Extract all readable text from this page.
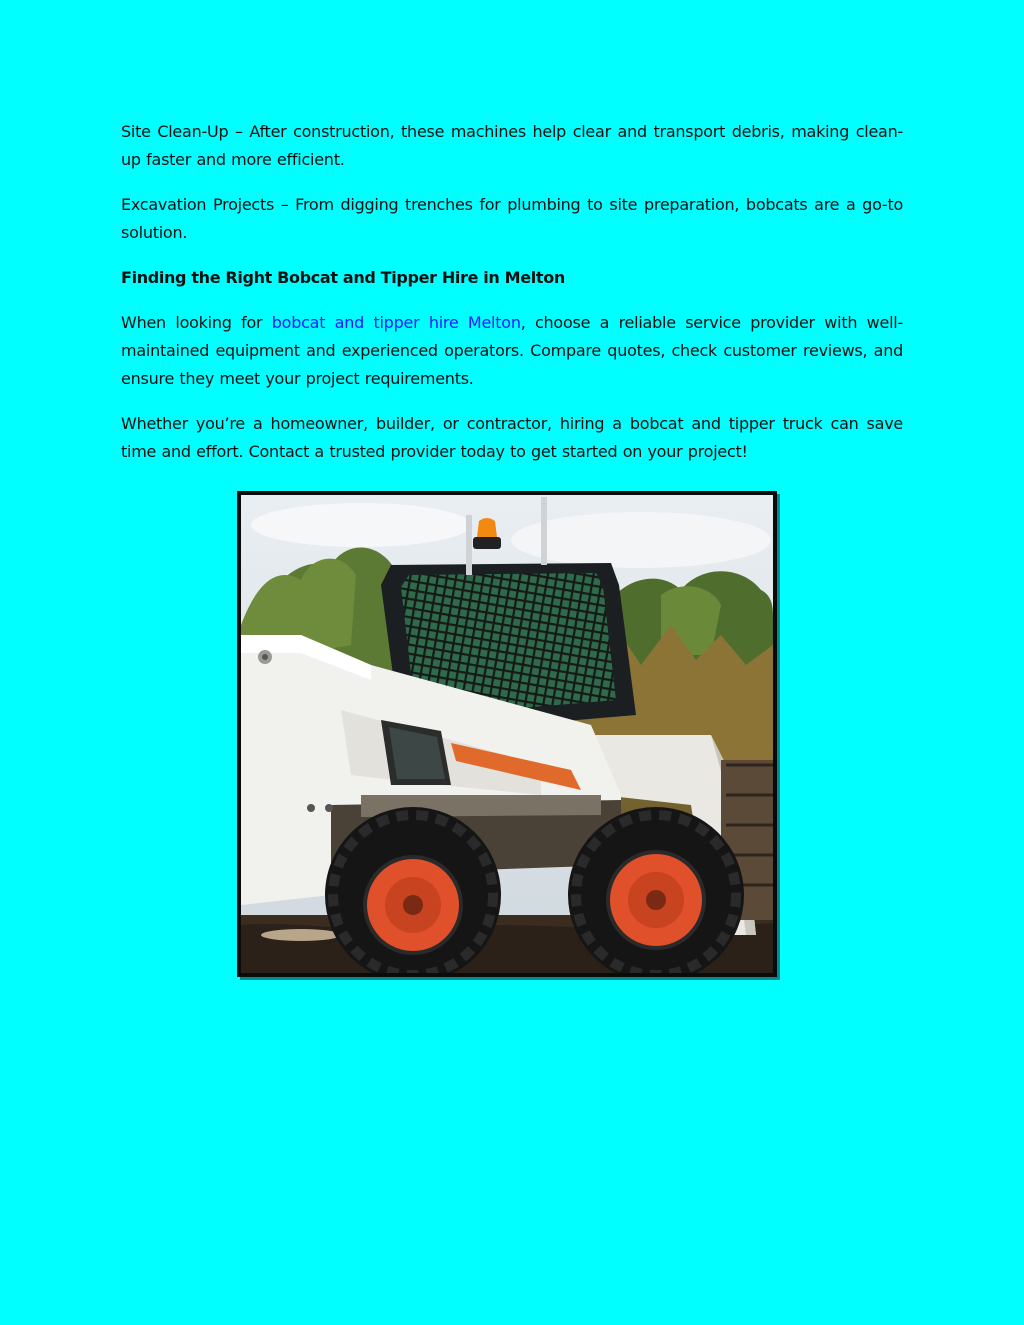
Site Clean-Up – After construction, these machines help clear and transport debris, making clean-up faster and more efficient.

Excavation Projects – From digging trenches for plumbing to site preparation, bobcats are a go-to solution.

Finding the Right Bobcat and Tipper Hire in Melton

When looking for bobcat and tipper hire Melton, choose a reliable service provider with well-maintained equipment and experienced operators. Compare quotes, check customer reviews, and ensure they meet your project requirements.

Whether you’re a homeowner, builder, or contractor, hiring a bobcat and tipper truck can save time and effort. Contact a trusted provider today to get started on your project!
